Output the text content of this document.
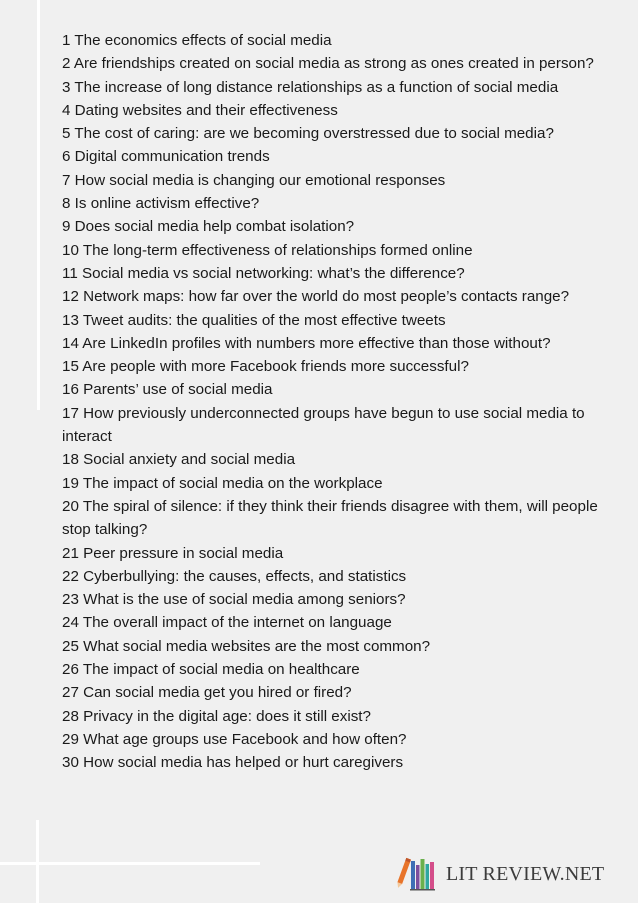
1 The economics effects of social media
2 Are friendships created on social media as strong as ones created in person?
3 The increase of long distance relationships as a function of social media
4 Dating websites and their effectiveness
5 The cost of caring: are we becoming overstressed due to social media?
6 Digital communication trends
7 How social media is changing our emotional responses
8 Is online activism effective?
9 Does social media help combat isolation?
10 The long-term effectiveness of relationships formed online
11 Social media vs social networking: what’s the difference?
12 Network maps: how far over the world do most people’s contacts range?
13 Tweet audits: the qualities of the most effective tweets
14 Are LinkedIn profiles with numbers more effective than those without?
15 Are people with more Facebook friends more successful?
16 Parents’ use of social media
17 How previously underconnected groups have begun to use social media to interact
18 Social anxiety and social media
19 The impact of social media on the workplace
20 The spiral of silence: if they think their friends disagree with them, will people stop talking?
21 Peer pressure in social media
22 Cyberbullying: the causes, effects, and statistics
23 What is the use of social media among seniors?
24 The overall impact of the internet on language
25 What social media websites are the most common?
26 The impact of social media on healthcare
27 Can social media get you hired or fired?
28 Privacy in the digital age: does it still exist?
29 What age groups use Facebook and how often?
30 How social media has helped or hurt caregivers
LIT REVIEW.NET
